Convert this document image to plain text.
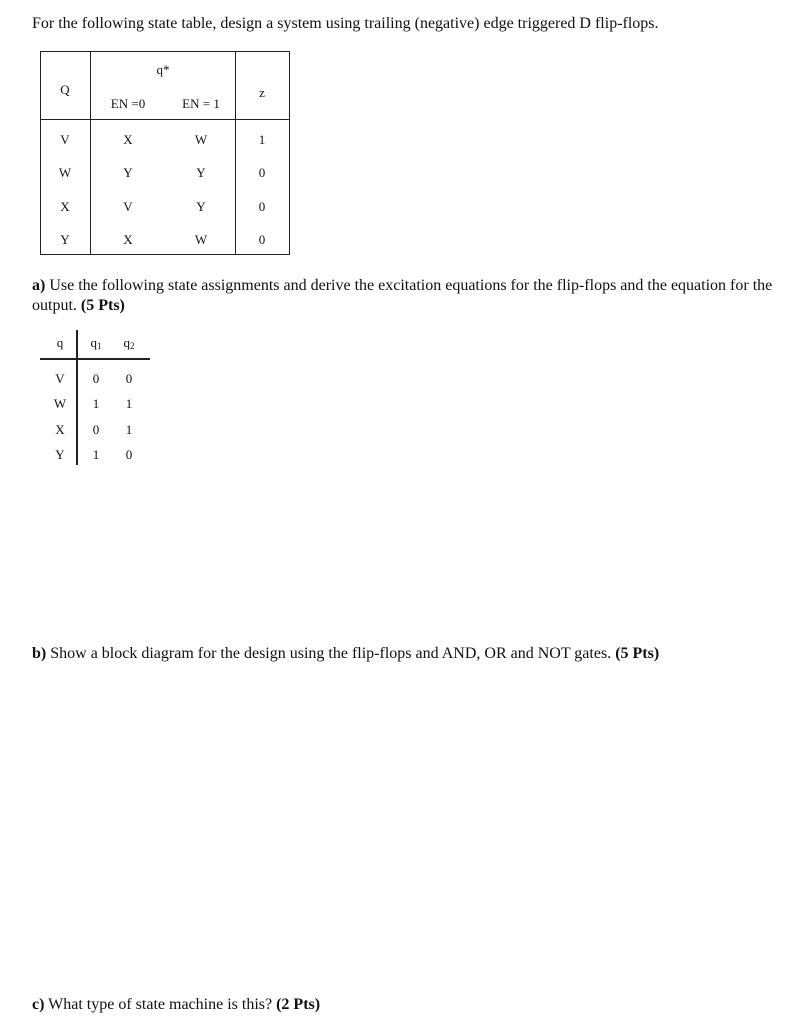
For the following state table, design a system using trailing (negative) edge triggered D flip-flops.

Q
q*
EN =0	EN = 1
z
V	X	W	1
W	Y	Y	0
X	V	Y	0
Y	X	W	0

a) Use the following state assignments and derive the excitation equations for the flip-flops and the equation for the output. (5 Pts)

q	$q_1$	$q_2$
V	0	0
W	1	1
X	0	1
Y	1	0

b) Show a block diagram for the design using the flip-flops and AND, OR and NOT gates. (5 Pts)

c) What type of state machine is this? (2 Pts)
